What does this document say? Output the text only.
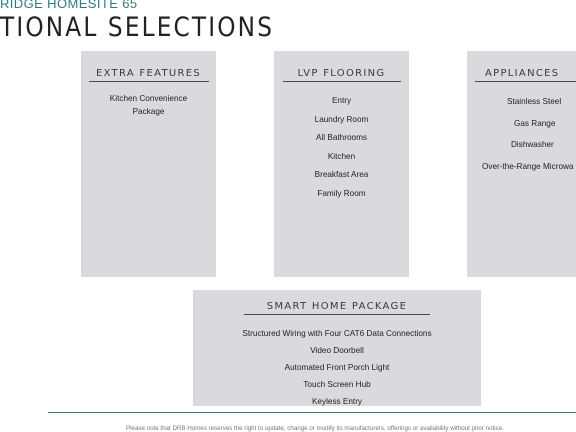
RIDGE HOMESITE 65
TIONAL SELECTIONS
EXTRA FEATURES
Kitchen Convenience
Package
LVP FLOORING
Entry
Laundry Room
All Bathrooms
Kitchen
Breakfast Area
Family Room
APPLIANCES
Stainless Steel
Gas Range
Dishwasher
Over-the-Range Microwa
SMART HOME PACKAGE
Structured Wiring with Four CAT6 Data Connections
Video Doorbell
Automated Front Porch Light
Touch Screen Hub
Keyless Entry
Please note that DRB Homes reserves the right to update, change or modify its manufacturers, offerings or availability without prior notice.
